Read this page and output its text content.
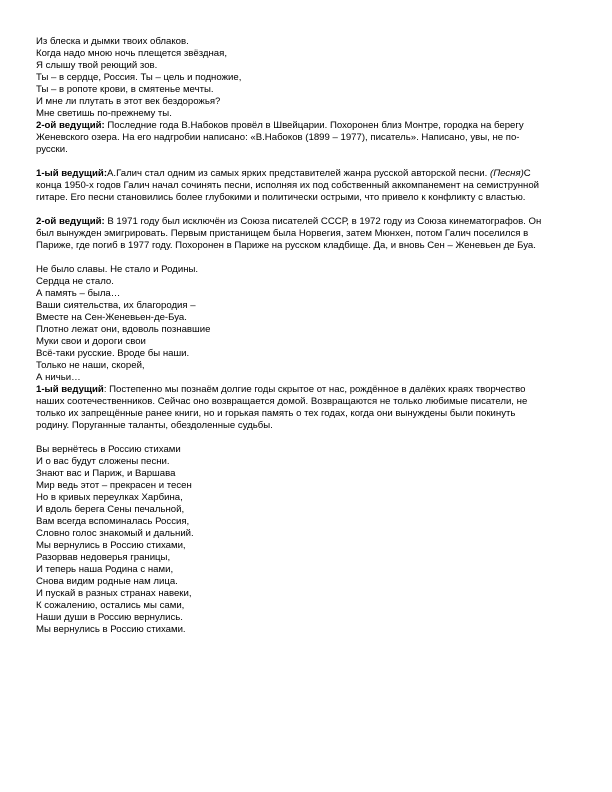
Из блеска и дымки твоих облаков.
Когда надо мною ночь плещется звёздная,
Я слышу твой реющий зов.
Ты – в сердце, Россия. Ты – цель и подножие,
Ты – в ропоте крови, в смятенье мечты.
И мне ли плутать в этот век бездорожья?
Мне светишь по-прежнему ты.
2-ой ведущий: Последние года В.Набоков провёл в Швейцарии. Похоронен близ Монтре, городка на берегу
Женевского озера. На его надгробии написано: «В.Набоков (1899 – 1977), писатель». Написано, увы, не по-
русски.
1-ый ведущий:А.Галич стал одним из самых ярких представителей жанра русской авторской песни. (Песня)С
конца 1950-х годов Галич начал сочинять песни, исполняя их под собственный аккомпанемент на семиструнной
гитаре. Его песни становились более глубокими и политически острыми, что привело к конфликту с властью.
2-ой ведущий: В 1971 году был исключён из Союза писателей СССР, в 1972 году из Союза кинематографов. Он
был вынужден эмигрировать. Первым пристанищем была Норвегия, затем Мюнхен, потом Галич поселился в
Париже, где погиб в 1977 году. Похоронен в Париже на русском кладбище. Да, и вновь Сен – Женевьен де Буа.
Не было славы. Не стало и Родины.
Сердца не стало.
А память – была…
Ваши сиятельства, их благородия –
Вместе на Сен-Женевьен-де-Буа.
Плотно лежат они, вдоволь познавшие
Муки свои и дороги свои
Всё-таки русские. Вроде бы наши.
Только не наши, скорей,
А ничьи…
1-ый ведущий: Постепенно мы познаём долгие годы скрытое от нас, рождённое в далёких краях творчество
наших соотечественников. Сейчас оно возвращается домой. Возвращаются не только любимые писатели, не
только их запрещённые ранее книги, но и горькая память о тех годах, когда они вынуждены были покинуть
родину. Поруганные таланты, обездоленные судьбы.
Вы вернётесь в Россию стихами
И о вас будут сложены песни.
Знают вас и Париж, и Варшава
Мир ведь этот – прекрасен и тесен
Но в кривых переулках Харбина,
И вдоль берега Сены печальной,
Вам всегда вспоминалась Россия,
Словно голос знакомый и дальний.
Мы вернулись в Россию стихами,
Разорвав недоверья границы,
И теперь наша Родина с нами,
Снова видим родные нам лица.
И пускай в разных странах навеки,
К сожалению, остались мы сами,
Наши души в Россию вернулись.
Мы вернулись в Россию стихами.
